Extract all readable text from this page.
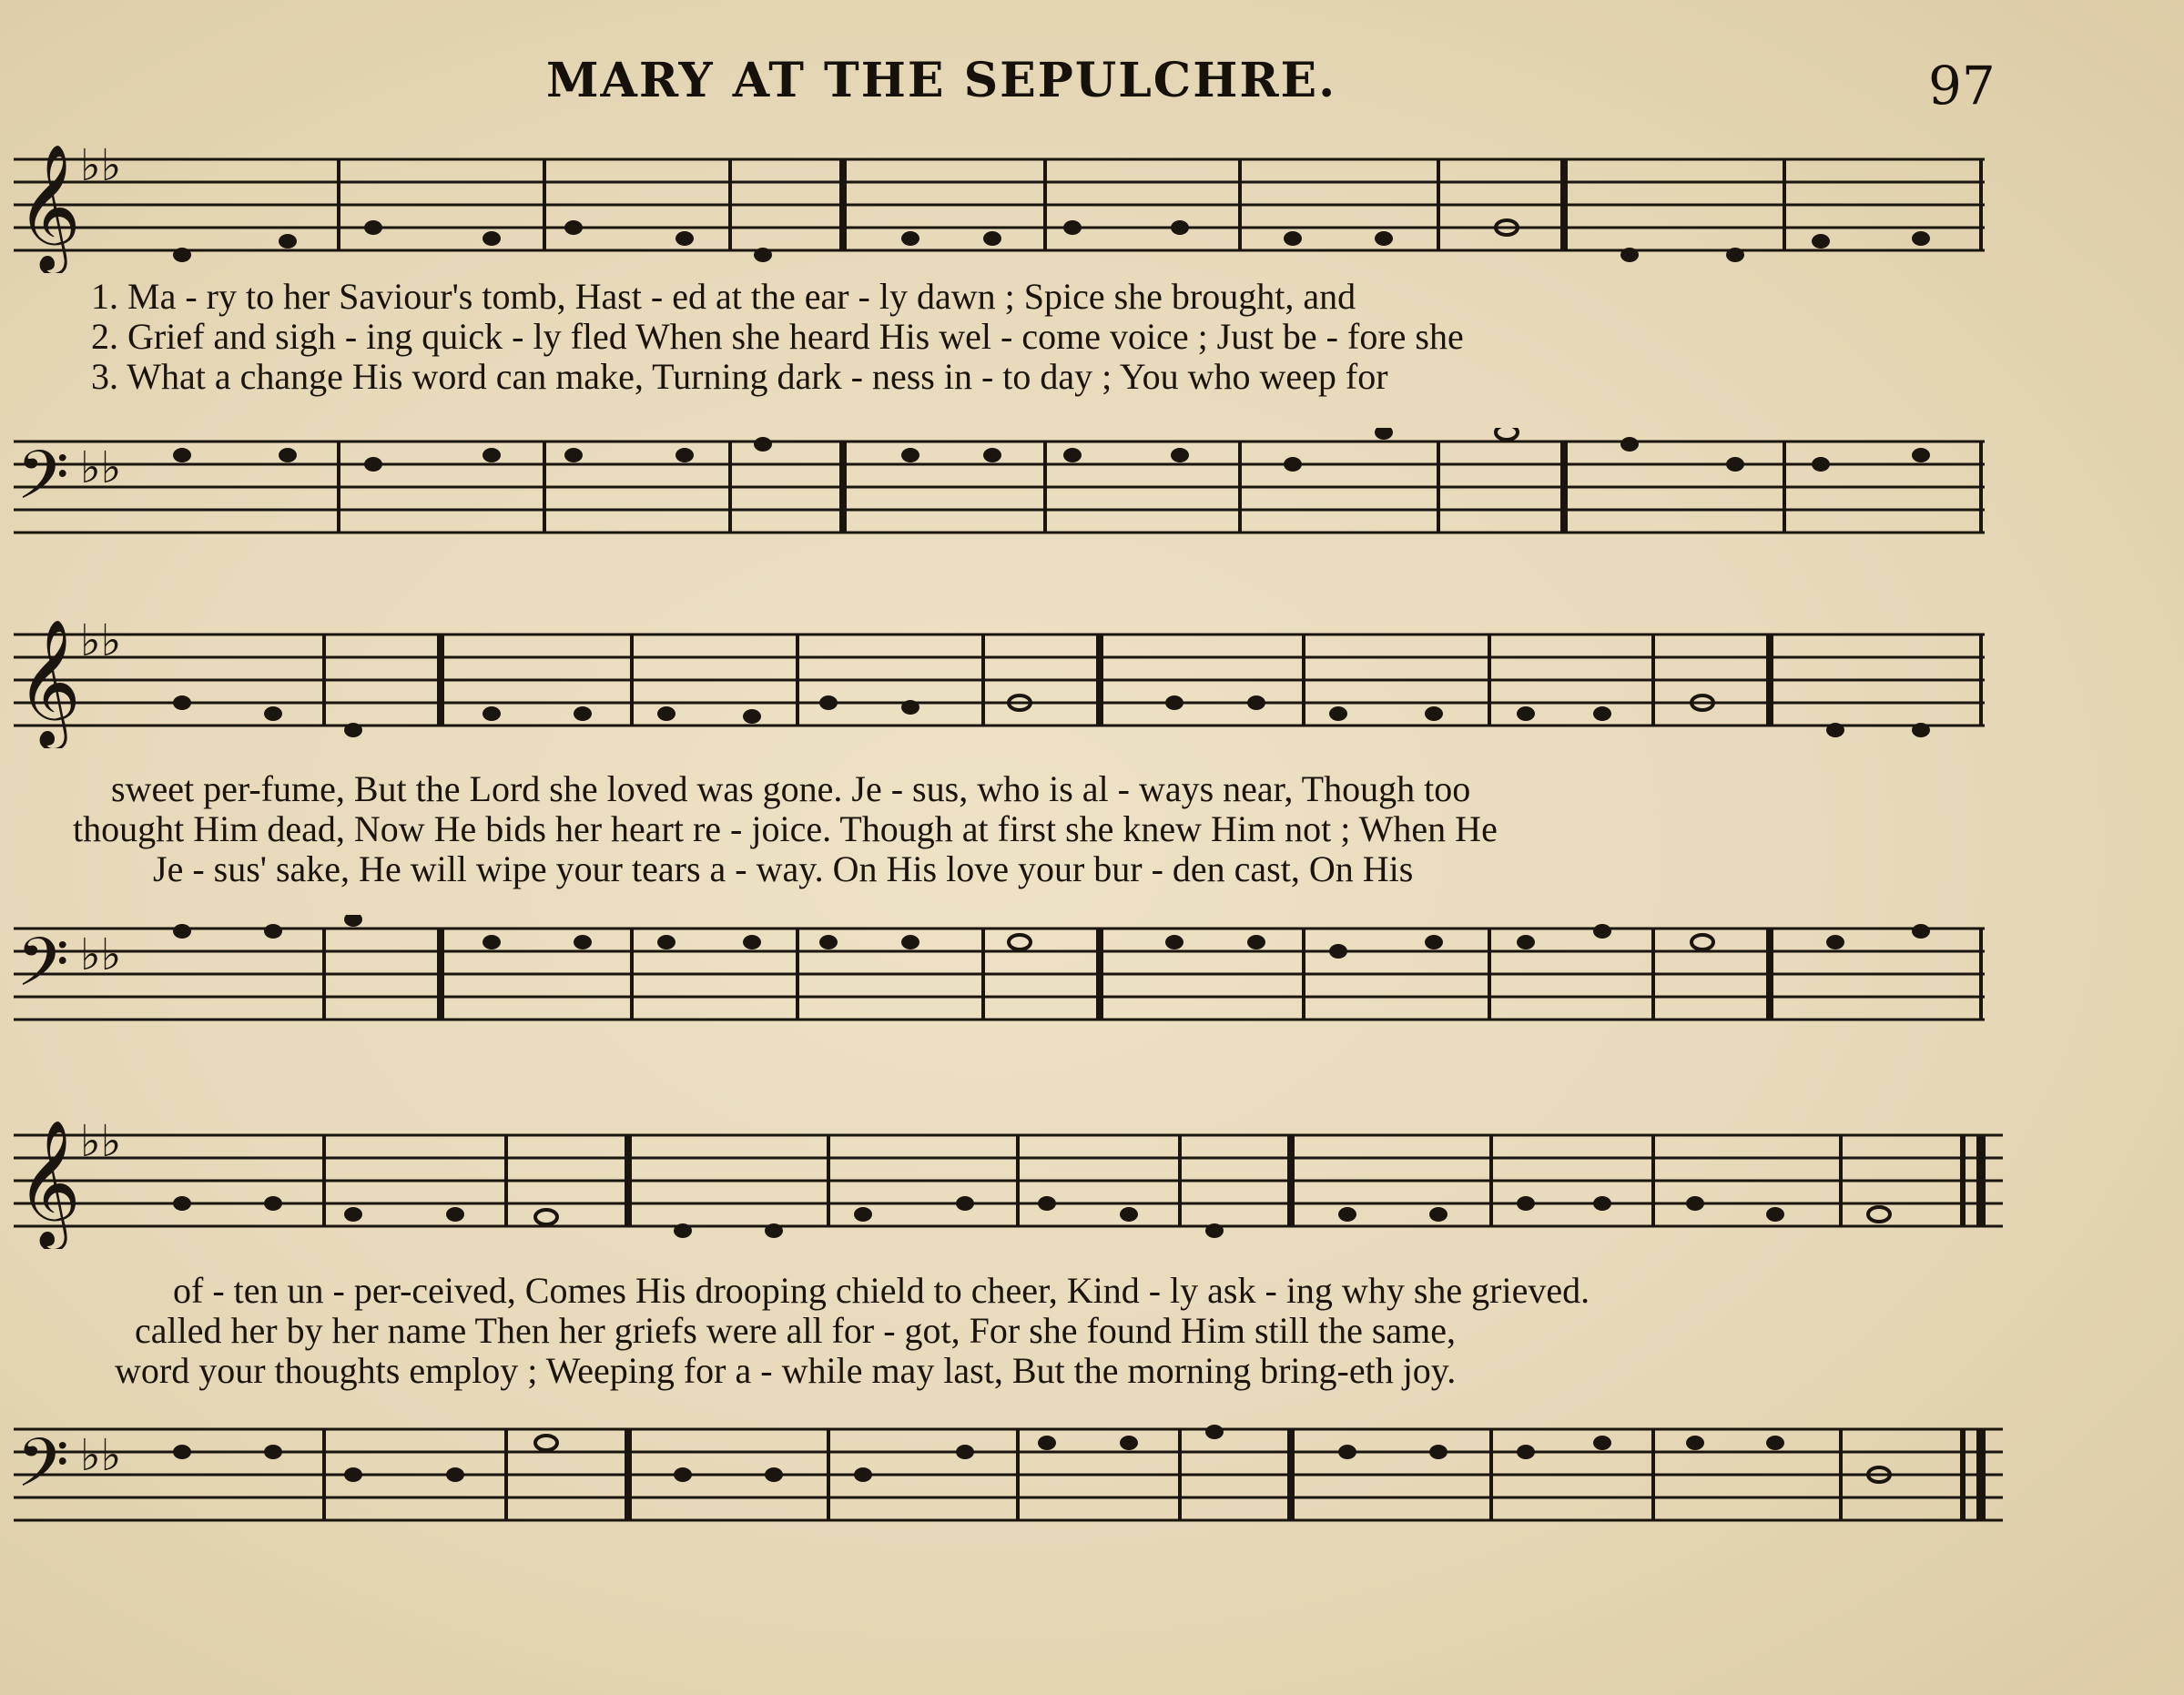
MARY AT THE SEPULCHRE.	97
𝄞 ♭♭
1. Ma - ry to her Saviour's tomb, Hast - ed at the ear - ly dawn ; Spice she brought, and
2. Grief and sigh - ing quick - ly fled When she heard His wel - come voice ; Just be - fore she
3. What a change His word can make, Turning dark - ness in - to day ; You who weep for
𝄢 ♭♭
𝄞 ♭♭
sweet per-fume, But the Lord she loved was gone. Je - sus, who is al - ways near, Though too
thought Him dead, Now He bids her heart re - joice. Though at first she knew Him not ; When He
Je - sus' sake, He will wipe your tears a - way. On His love your bur - den cast, On His
𝄢 ♭♭
𝄞 ♭♭
of - ten un - per-ceived, Comes His drooping chield to cheer, Kind - ly ask - ing why she grieved.
called her by her name Then her griefs were all for - got, For she found Him still the same,
word your thoughts employ ; Weeping for a - while may last, But the morning bring-eth joy.
𝄢 ♭♭
